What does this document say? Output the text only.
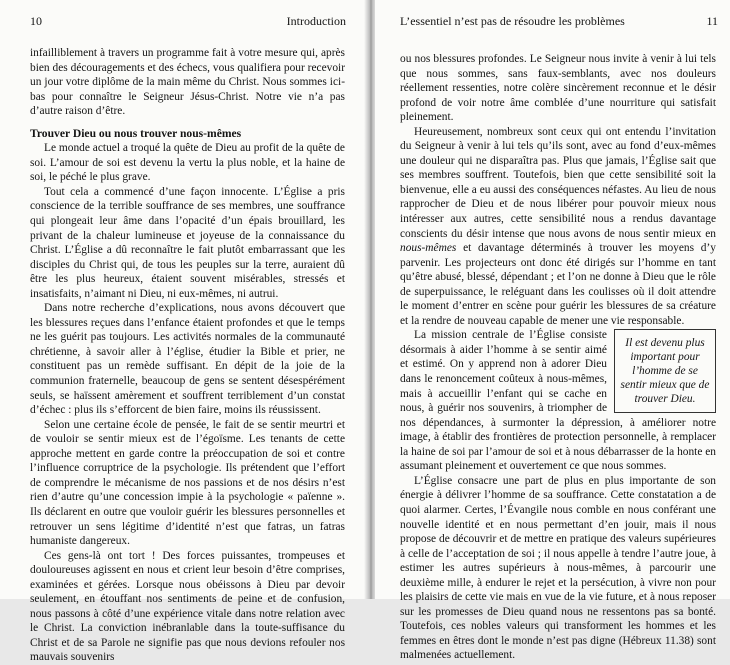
10	Introduction

infailliblement à travers un programme fait à votre mesure qui, après bien des découragements et des échecs, vous qualifiera pour recevoir un jour votre diplôme de la main même du Christ. Nous sommes ici-bas pour connaître le Seigneur Jésus-Christ. Notre vie n’a pas d’autre raison d’être.

Trouver Dieu ou nous trouver nous-mêmes

Le monde actuel a troqué la quête de Dieu au profit de la quête de soi. L’amour de soi est devenu la vertu la plus noble, et la haine de soi, le péché le plus grave.

Tout cela a commencé d’une façon innocente. L’Église a pris conscience de la terrible souffrance de ses membres, une souffrance qui plongeait leur âme dans l’opacité d’un épais brouillard, les privant de la chaleur lumineuse et joyeuse de la connaissance du Christ. L’Église a dû reconnaître le fait plutôt embarrassant que les disciples du Christ qui, de tous les peuples sur la terre, auraient dû être les plus heureux, étaient souvent misérables, stressés et insatisfaits, n’aimant ni Dieu, ni eux-mêmes, ni autrui.

Dans notre recherche d’explications, nous avons découvert que les blessures reçues dans l’enfance étaient profondes et que le temps ne les guérit pas toujours. Les activités normales de la communauté chrétienne, à savoir aller à l’église, étudier la Bible et prier, ne constituent pas un remède suffisant. En dépit de la joie de la communion fraternelle, beaucoup de gens se sentent désespérément seuls, se haïssent amèrement et souffrent terriblement d’un constat d’échec : plus ils s’efforcent de bien faire, moins ils réussissent.

Selon une certaine école de pensée, le fait de se sentir meurtri et de vouloir se sentir mieux est de l’égoïsme. Les tenants de cette approche mettent en garde contre la préoccupation de soi et contre l’influence corruptrice de la psychologie. Ils prétendent que l’effort de comprendre le mécanisme de nos passions et de nos désirs n’est rien d’autre qu’une concession impie à la psychologie « païenne ». Ils déclarent en outre que vouloir guérir les blessures personnelles et retrouver un sens légitime d’identité n’est que fatras, un fatras humaniste dangereux.

Ces gens-là ont tort ! Des forces puissantes, trompeuses et douloureuses agissent en nous et crient leur besoin d’être comprises, examinées et gérées. Lorsque nous obéissons à Dieu par devoir seulement, en étouffant nos sentiments de peine et de confusion, nous passons à côté d’une expérience vitale dans notre relation avec le Christ. La conviction inébranlable dans la toute-suffisance du Christ et de sa Parole ne signifie pas que nous devions refouler nos mauvais souvenirs

L’essentiel n’est pas de résoudre les problèmes	11

ou nos blessures profondes. Le Seigneur nous invite à venir à lui tels que nous sommes, sans faux-semblants, avec nos douleurs réellement ressenties, notre colère sincèrement reconnue et le désir profond de voir notre âme comblée d’une nourriture qui satisfait pleinement.

Heureusement, nombreux sont ceux qui ont entendu l’invitation du Seigneur à venir à lui tels qu’ils sont, avec au fond d’eux-mêmes une douleur qui ne disparaîtra pas. Plus que jamais, l’Église sait que ses membres souffrent. Toutefois, bien que cette sensibilité soit la bienvenue, elle a eu aussi des conséquences néfastes. Au lieu de nous rapprocher de Dieu et de nous libérer pour pouvoir mieux nous intéresser aux autres, cette sensibilité nous a rendus davantage conscients du désir intense que nous avons de nous sentir mieux en nous-mêmes et davantage déterminés à trouver les moyens d’y parvenir. Les projecteurs ont donc été dirigés sur l’homme en tant qu’être abusé, blessé, dépendant ; et l’on ne donne à Dieu que le rôle de superpuissance, le reléguant dans les coulisses où il doit attendre le moment d’entrer en scène pour guérir les blessures de sa créature et la rendre de nouveau capable de mener une vie responsable.

Il est devenu plus important pour l’homme de se sentir mieux que de trouver Dieu.

La mission centrale de l’Église consiste désormais à aider l’homme à se sentir aimé et estimé. On y apprend non à adorer Dieu dans le renoncement coûteux à nous-mêmes, mais à accueillir l’enfant qui se cache en nous, à guérir nos souvenirs, à triompher de nos dépendances, à surmonter la dépression, à améliorer notre image, à établir des frontières de protection personnelle, à remplacer la haine de soi par l’amour de soi et à nous débarrasser de la honte en assumant pleinement et ouvertement ce que nous sommes.

L’Église consacre une part de plus en plus importante de son énergie à délivrer l’homme de sa souffrance. Cette constatation a de quoi alarmer. Certes, l’Évangile nous comble en nous conférant une nouvelle identité et en nous permettant d’en jouir, mais il nous propose de découvrir et de mettre en pratique des valeurs supérieures à celle de l’acceptation de soi ; il nous appelle à tendre l’autre joue, à estimer les autres supérieurs à nous-mêmes, à parcourir une deuxième mille, à endurer le rejet et la persécution, à vivre non pour les plaisirs de cette vie mais en vue de la vie future, et à nous reposer sur les promesses de Dieu quand nous ne ressentons pas sa bonté. Toutefois, ces nobles valeurs qui transforment les hommes et les femmes en êtres dont le monde n’est pas digne (Hébreux 11.38) sont malmenées actuellement.
